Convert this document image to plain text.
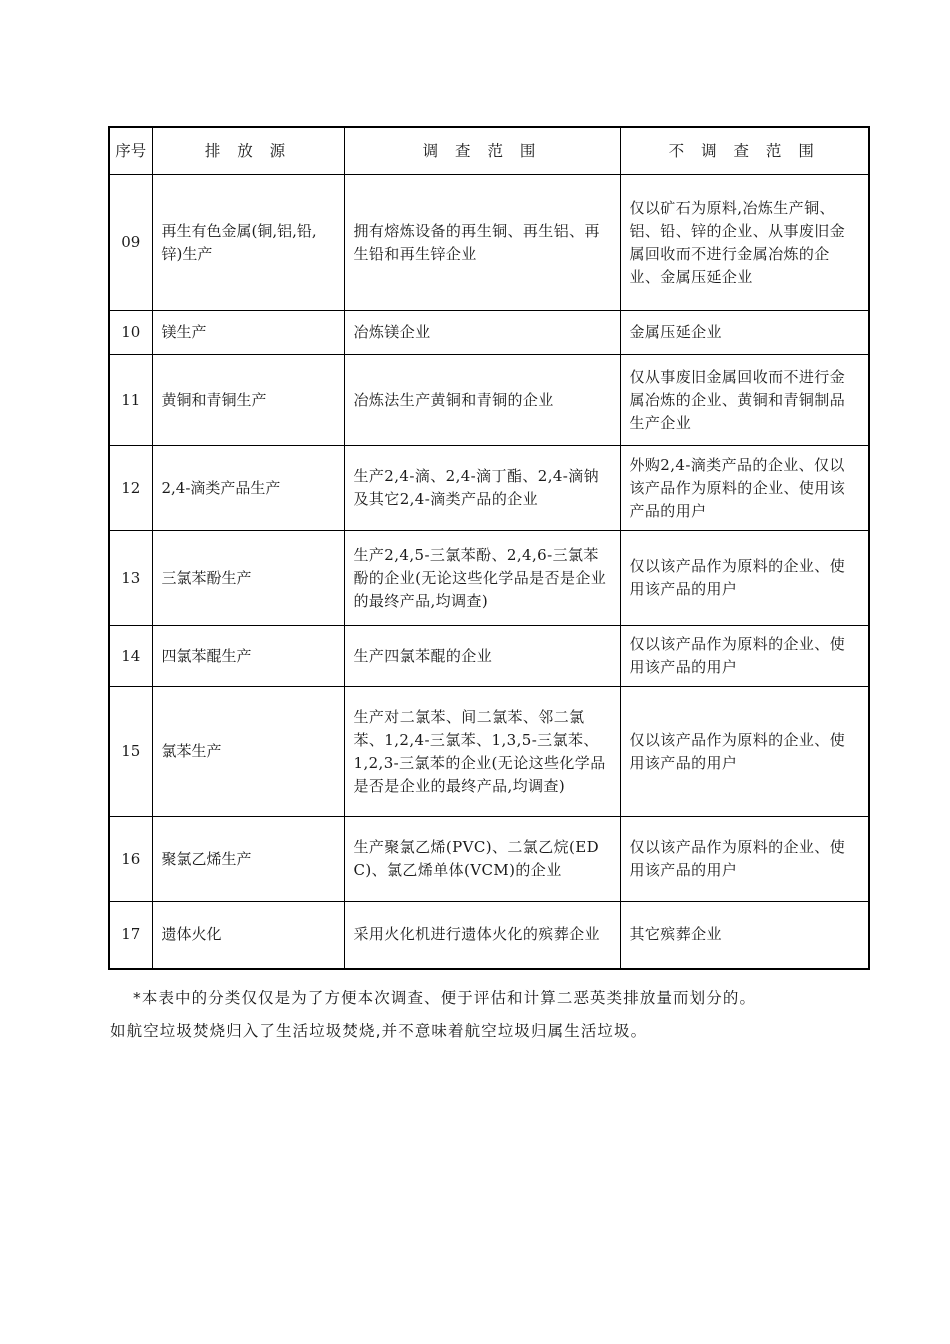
序号	排 放 源	调 查 范 围	不 调 查 范 围
09	再生有色金属(铜,铝,铅,锌)生产	拥有熔炼设备的再生铜、再生铝、再生铅和再生锌企业	仅以矿石为原料,冶炼生产铜、铝、铅、锌的企业、从事废旧金属回收而不进行金属冶炼的企业、金属压延企业
10	镁生产	冶炼镁企业	金属压延企业
11	黄铜和青铜生产	冶炼法生产黄铜和青铜的企业	仅从事废旧金属回收而不进行金属冶炼的企业、黄铜和青铜制品生产企业
12	2,4-滴类产品生产	生产2,4-滴、2,4-滴丁酯、2,4-滴钠及其它2,4-滴类产品的企业	外购2,4-滴类产品的企业、仅以该产品作为原料的企业、使用该产品的用户
13	三氯苯酚生产	生产2,4,5-三氯苯酚、2,4,6-三氯苯酚的企业(无论这些化学品是否是企业的最终产品,均调查)	仅以该产品作为原料的企业、使用该产品的用户
14	四氯苯醌生产	生产四氯苯醌的企业	仅以该产品作为原料的企业、使用该产品的用户
15	氯苯生产	生产对二氯苯、间二氯苯、邻二氯苯、1,2,4-三氯苯、1,3,5-三氯苯、1,2,3-三氯苯的企业(无论这些化学品是否是企业的最终产品,均调查)	仅以该产品作为原料的企业、使用该产品的用户
16	聚氯乙烯生产	生产聚氯乙烯(PVC)、二氯乙烷(EDC)、氯乙烯单体(VCM)的企业	仅以该产品作为原料的企业、使用该产品的用户
17	遗体火化	采用火化机进行遗体火化的殡葬企业	其它殡葬企业
*本表中的分类仅仅是为了方便本次调查、便于评估和计算二恶英类排放量而划分的。
如航空垃圾焚烧归入了生活垃圾焚烧,并不意味着航空垃圾归属生活垃圾。
